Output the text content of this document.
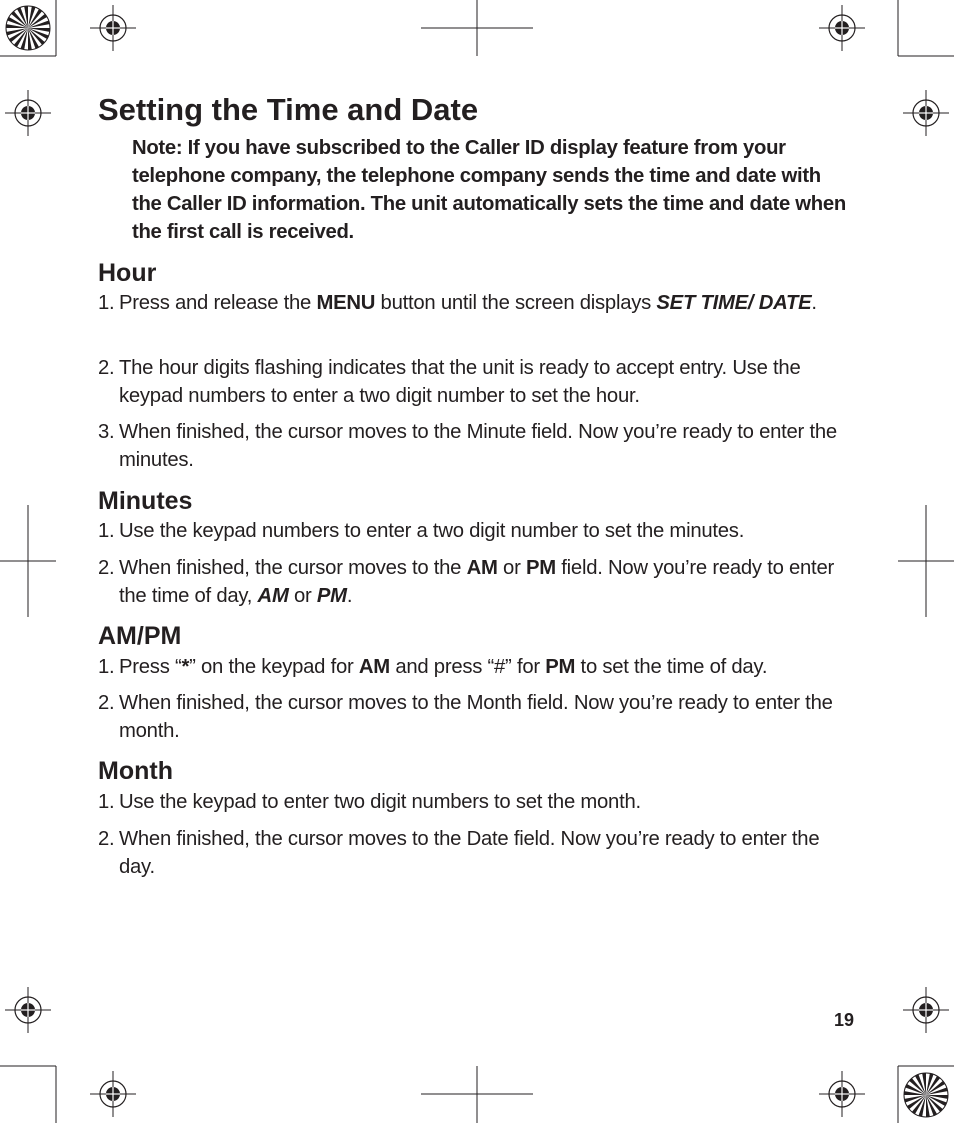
Setting the Time and Date

Note: If you have subscribed to the Caller ID display feature from your telephone company, the telephone company sends the time and date with the Caller ID information. The unit automatically sets the time and date when the first call is received.

Hour
1. Press and release the MENU button until the screen displays SET TIME/ DATE.
2. The hour digits flashing indicates that the unit is ready to accept entry. Use the keypad numbers to enter a two digit number to set the hour.
3. When finished, the cursor moves to the Minute field. Now you’re ready to enter the minutes.
Minutes
1. Use the keypad numbers to enter a two digit number to set the minutes.
2. When finished, the cursor moves to the AM or PM field. Now you’re ready to enter the time of day, AM or PM.
AM/PM
1. Press “*” on the keypad for AM and press “#” for PM to set the time of day.
2. When finished, the cursor moves to the Month field. Now you’re ready to enter the month.
Month
1. Use the keypad to enter two digit numbers to set the month.
2. When finished, the cursor moves to the Date field. Now you’re ready to enter the day.
19
